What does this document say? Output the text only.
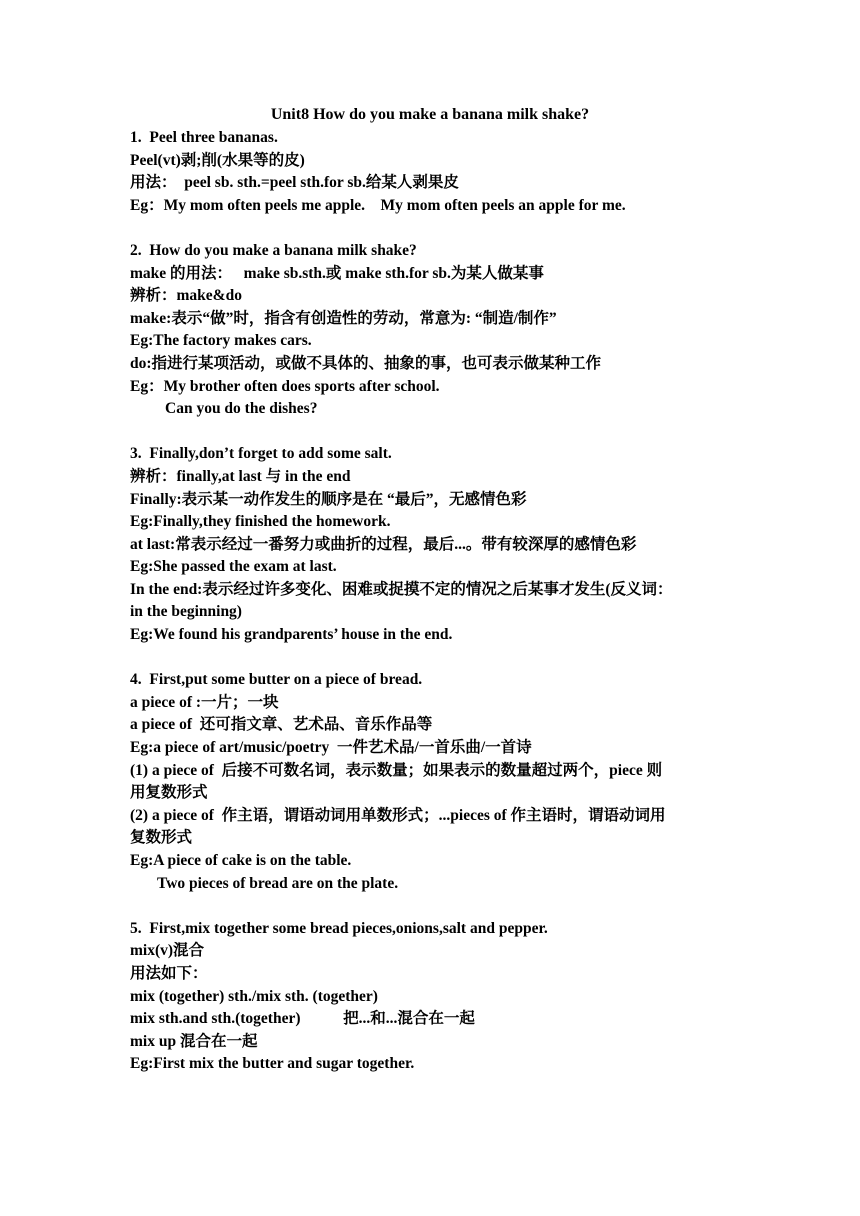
Unit8 How do you make a banana milk shake?
1.  Peel three bananas.
Peel(vt)剥;削(水果等的皮)
用法：  peel sb. sth.=peel sth.for sb.给某人剥果皮
Eg：My mom often peels me apple.    My mom often peels an apple for me.
2.  How do you make a banana milk shake?
make 的用法：   make sb.sth.或 make sth.for sb.为某人做某事
辨析：make&do
make:表示“做”时，指含有创造性的劳动，常意为: “制造/制作”
Eg:The factory makes cars.
do:指进行某项活动，或做不具体的、抽象的事，也可表示做某种工作
Eg：My brother often does sports after school.
Can you do the dishes?
3.  Finally,don’t forget to add some salt.
辨析：finally,at last 与 in the end
Finally:表示某一动作发生的顺序是在 “最后”，无感情色彩
Eg:Finally,they finished the homework.
at last:常表示经过一番努力或曲折的过程，最后...。带有较深厚的感情色彩
Eg:She passed the exam at last.
In the end:表示经过许多变化、困难或捉摸不定的情况之后某事才发生(反义词：
in the beginning)
Eg:We found his grandparents’ house in the end.
4.  First,put some butter on a piece of bread.
a piece of :一片；一块
a piece of  还可指文章、艺术品、音乐作品等
Eg:a piece of art/music/poetry  一件艺术品/一首乐曲/一首诗
(1) a piece of  后接不可数名词，表示数量；如果表示的数量超过两个，piece 则
用复数形式
(2) a piece of  作主语，谓语动词用单数形式；...pieces of 作主语时，谓语动词用
复数形式
Eg:A piece of cake is on the table.
Two pieces of bread are on the plate.
5.  First,mix together some bread pieces,onions,salt and pepper.
mix(v)混合
用法如下：
mix (together) sth./mix sth. (together)
mix sth.and sth.(together)           把...和...混合在一起
mix up 混合在一起
Eg:First mix the butter and sugar together.
